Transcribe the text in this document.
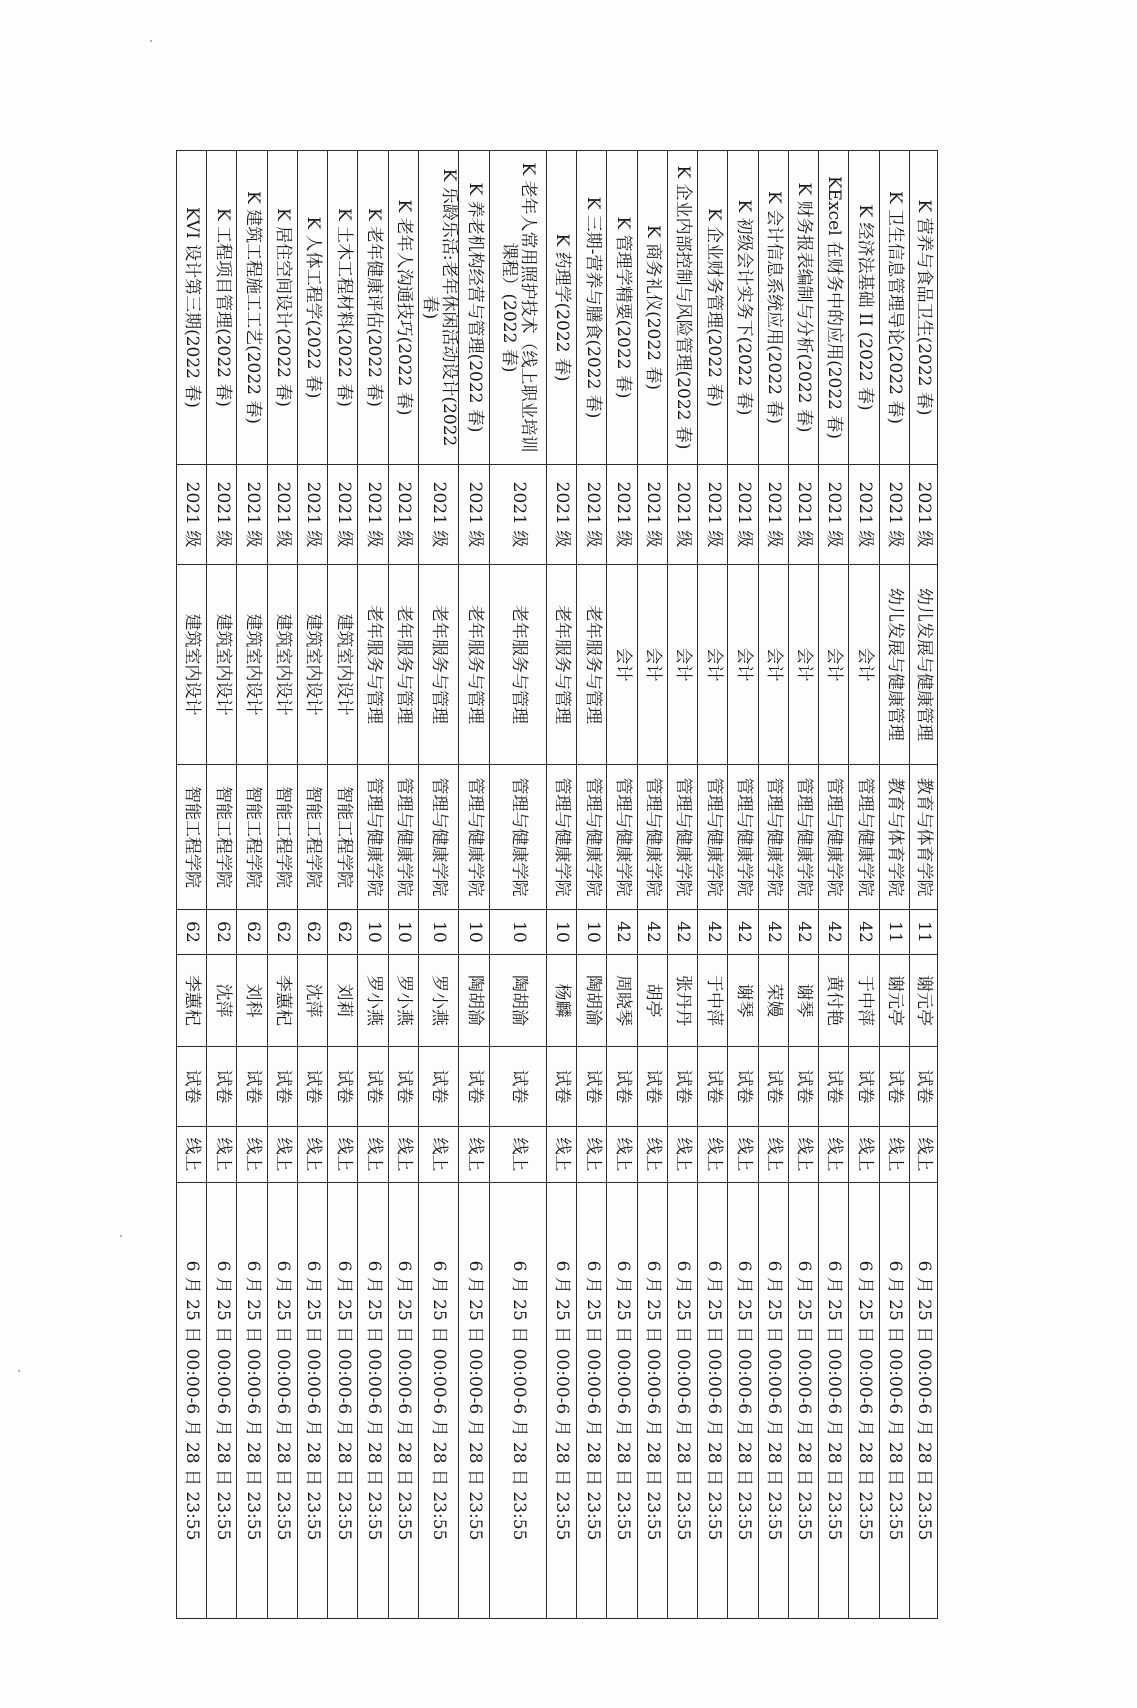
K 营养与食品卫生(2022 春)	2021 级	幼儿发展与健康管理	教育与体育学院	11	谢元亭	试卷	线上	6 月 25 日 00:00-6 月 28 日 23:55
K 卫生信息管理导论(2022 春)	2021 级	幼儿发展与健康管理	教育与体育学院	11	谢元亭	试卷	线上	6 月 25 日 00:00-6 月 28 日 23:55
K 经济法基础 II (2022 春)	2021 级	会计	管理与健康学院	42	于中萍	试卷	线上	6 月 25 日 00:00-6 月 28 日 23:55
KExcel 在财务中的应用(2022 春)	2021 级	会计	管理与健康学院	42	黄付艳	试卷	线上	6 月 25 日 00:00-6 月 28 日 23:55
K 财务报表编制与分析(2022 春)	2021 级	会计	管理与健康学院	42	谢琴	试卷	线上	6 月 25 日 00:00-6 月 28 日 23:55
K 会计信息系统应用(2022 春)	2021 级	会计	管理与健康学院	42	荣嫚	试卷	线上	6 月 25 日 00:00-6 月 28 日 23:55
K 初级会计实务下(2022 春)	2021 级	会计	管理与健康学院	42	谢琴	试卷	线上	6 月 25 日 00:00-6 月 28 日 23:55
K 企业财务管理(2022 春)	2021 级	会计	管理与健康学院	42	于中萍	试卷	线上	6 月 25 日 00:00-6 月 28 日 23:55
K 企业内部控制与风险管理(2022 春)	2021 级	会计	管理与健康学院	42	张丹丹	试卷	线上	6 月 25 日 00:00-6 月 28 日 23:55
K 商务礼仪(2022 春)	2021 级	会计	管理与健康学院	42	胡亭	试卷	线上	6 月 25 日 00:00-6 月 28 日 23:55
K 管理学精要(2022 春)	2021 级	会计	管理与健康学院	42	周晓琴	试卷	线上	6 月 25 日 00:00-6 月 28 日 23:55
K 三期-营养与膳食(2022 春)	2021 级	老年服务与管理	管理与健康学院	10	陶胡渝	试卷	线上	6 月 25 日 00:00-6 月 28 日 23:55
K 药理学(2022 春)	2021 级	老年服务与管理	管理与健康学院	10	杨麟	试卷	线上	6 月 25 日 00:00-6 月 28 日 23:55
K 老年人常用照护技术（线上职业培训课程）(2022 春)	2021 级	老年服务与管理	管理与健康学院	10	陶胡渝	试卷	线上	6 月 25 日 00:00-6 月 28 日 23:55
K 养老机构经营与管理(2022 春)	2021 级	老年服务与管理	管理与健康学院	10	陶胡渝	试卷	线上	6 月 25 日 00:00-6 月 28 日 23:55
K 乐龄乐活:老年休闲活动设计(2022 春)	2021 级	老年服务与管理	管理与健康学院	10	罗小燕	试卷	线上	6 月 25 日 00:00-6 月 28 日 23:55
K 老年人沟通技巧(2022 春)	2021 级	老年服务与管理	管理与健康学院	10	罗小燕	试卷	线上	6 月 25 日 00:00-6 月 28 日 23:55
K 老年健康评估(2022 春)	2021 级	老年服务与管理	管理与健康学院	10	罗小燕	试卷	线上	6 月 25 日 00:00-6 月 28 日 23:55
K 土木工程材料(2022 春)	2021 级	建筑室内设计	智能工程学院	62	刘莉	试卷	线上	6 月 25 日 00:00-6 月 28 日 23:55
K 人体工程学(2022 春)	2021 级	建筑室内设计	智能工程学院	62	沈萍	试卷	线上	6 月 25 日 00:00-6 月 28 日 23:55
K 居住空间设计(2022 春)	2021 级	建筑室内设计	智能工程学院	62	李蕙杞	试卷	线上	6 月 25 日 00:00-6 月 28 日 23:55
K 建筑工程施工工艺(2022 春)	2021 级	建筑室内设计	智能工程学院	62	刘科	试卷	线上	6 月 25 日 00:00-6 月 28 日 23:55
K 工程项目管理(2022 春)	2021 级	建筑室内设计	智能工程学院	62	沈萍	试卷	线上	6 月 25 日 00:00-6 月 28 日 23:55
KVI 设计第三期(2022 春)	2021 级	建筑室内设计	智能工程学院	62	李蕙杞	试卷	线上	6 月 25 日 00:00-6 月 28 日 23:55
